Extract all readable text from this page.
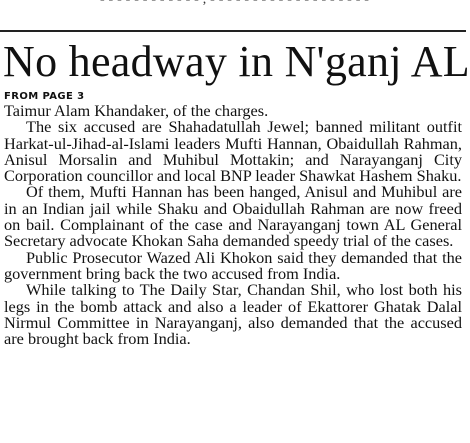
No headway in N'ganj AL
FROM PAGE 3

Taimur Alam Khandaker, of the charges.

The six accused are Shahadatullah Jewel; banned militant outfit Harkat-ul-Jihad-al-Islami leaders Mufti Hannan, Obaidullah Rahman, Anisul Morsalin and Muhibul Mottakin; and Narayanganj City Corporation councillor and local BNP leader Shawkat Hashem Shaku.

Of them, Mufti Hannan has been hanged, Anisul and Muhibul are in an Indian jail while Shaku and Obaidullah Rahman are now freed on bail. Complainant of the case and Narayanganj town AL General Secretary advocate Khokan Saha demanded speedy trial of the cases.

Public Prosecutor Wazed Ali Khokon said they demanded that the government bring back the two accused from India.

While talking to The Daily Star, Chandan Shil, who lost both his legs in the bomb attack and also a leader of Ekattorer Ghatak Dalal Nirmul Committee in Narayanganj, also demanded that the accused are brought back from India.
